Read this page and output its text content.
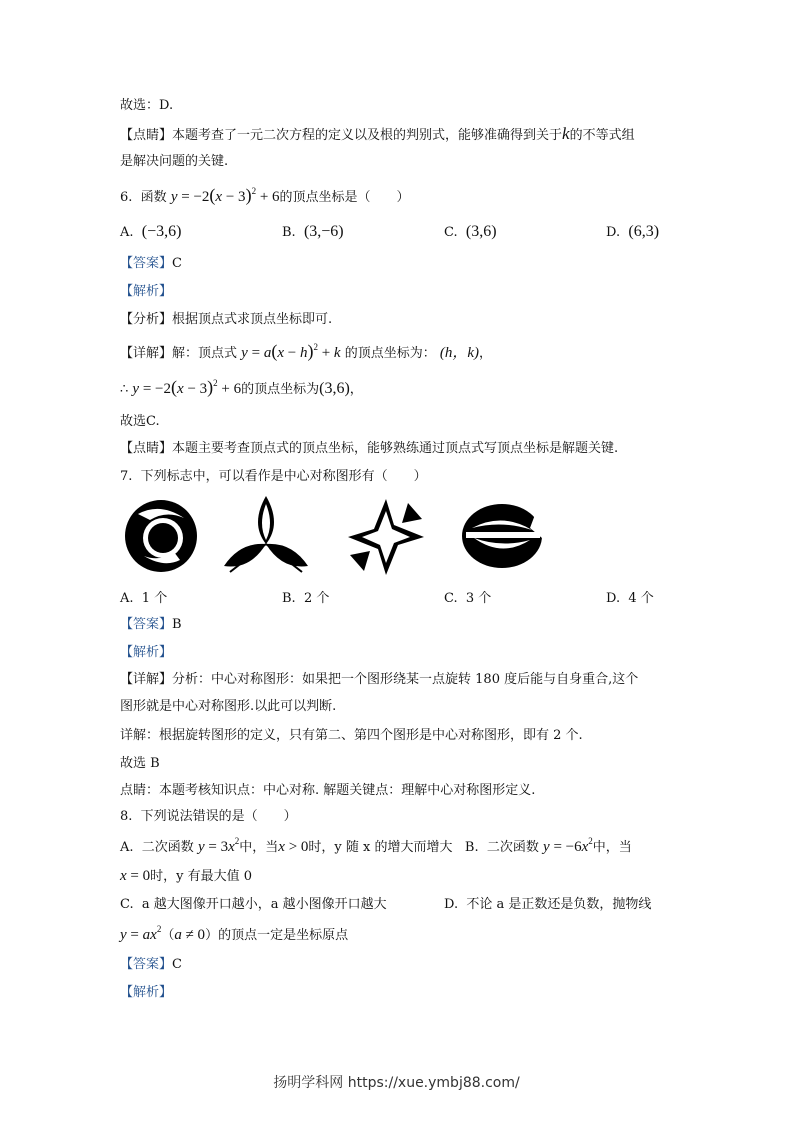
故选：D.
【点睛】本题考查了一元二次方程的定义以及根的判别式，能够准确得到关于k的不等式组
是解决问题的关键.
6. 函数 $y = -2(x - 3)^2 + 6$的顶点坐标是（　　）
A. (−3,6)	B. (3,−6)	C. (3,6)	D. (6,3)
【答案】C
【解析】
【分析】根据顶点式求顶点坐标即可.
【详解】解：顶点式 $y = a(x - h)^2 + k$ 的顶点坐标为： (h，k)，
∴ $y = -2(x - 3)^2 + 6$的顶点坐标为(3,6)，
故选C.
【点睛】本题主要考查顶点式的顶点坐标，能够熟练通过顶点式写顶点坐标是解题关键.
7. 下列标志中，可以看作是中心对称图形有（　　）
A. 1 个	B. 2 个	C. 3 个	D. 4 个
【答案】B
【解析】
【详解】分析：中心对称图形：如果把一个图形绕某一点旋转 180 度后能与自身重合,这个
图形就是中心对称图形.以此可以判断.
详解：根据旋转图形的定义，只有第二、第四个图形是中心对称图形，即有 2 个.
故选 B
点睛：本题考核知识点：中心对称. 解题关键点：理解中心对称图形定义.
8. 下列说法错误的是（　　）
A. 二次函数 $y = 3x^2$中，当x > 0时，y 随 x 的增大而增大 B. 二次函数 $y = -6x^2$中，当
x = 0时，y 有最大值 0
C. a 越大图像开口越小，a 越小图像开口越大	D. 不论 a 是正数还是负数，抛物线
$y = ax^2(a \ne 0)$的顶点一定是坐标原点
【答案】C
【解析】
扬明学科网 https://xue.ymbj88.com/
